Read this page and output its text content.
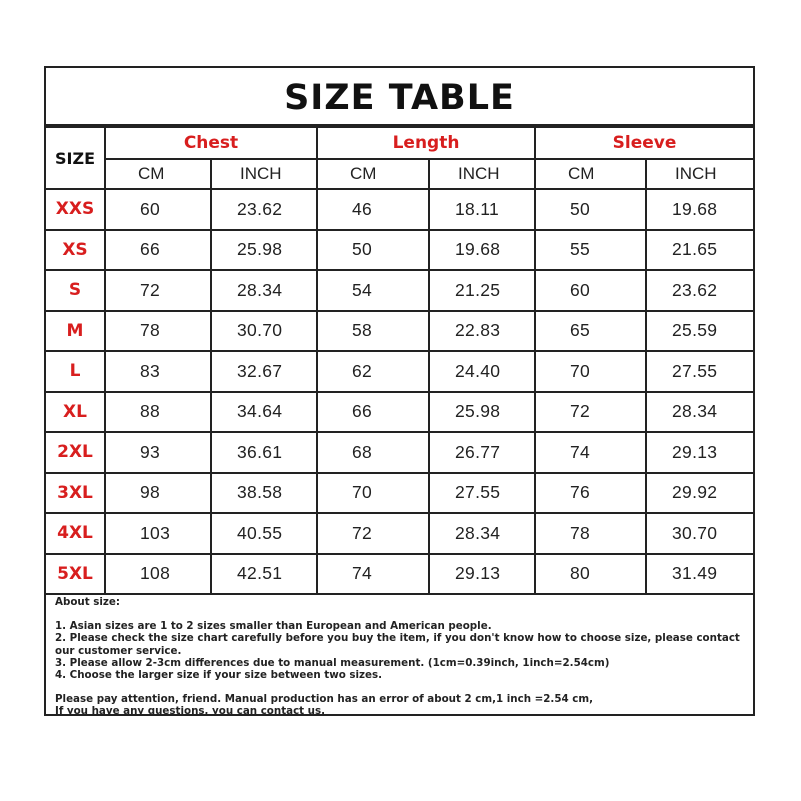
SIZE TABLE
SIZE	Chest		Length		Sleeve	
	CM	INCH	CM	INCH	CM	INCH
XXS	60	23.62	46	18.11	50	19.68
XS	66	25.98	50	19.68	55	21.65
S	72	28.34	54	21.25	60	23.62
M	78	30.70	58	22.83	65	25.59
L	83	32.67	62	24.40	70	27.55
XL	88	34.64	66	25.98	72	28.34
2XL	93	36.61	68	26.77	74	29.13
3XL	98	38.58	70	27.55	76	29.92
4XL	103	40.55	72	28.34	78	30.70
5XL	108	42.51	74	29.13	80	31.49
About size:
1. Asian sizes are 1 to 2 sizes smaller than European and American people.
2. Please check the size chart carefully before you buy the item, if you don't know how to choose size, please contact our customer service.
3. Please allow 2-3cm differences due to manual measurement. (1cm=0.39inch, 1inch=2.54cm)
4. Choose the larger size if your size between two sizes.
Please pay attention, friend. Manual production has an error of about 2 cm,1 inch =2.54 cm,
If you have any questions, you can contact us.
